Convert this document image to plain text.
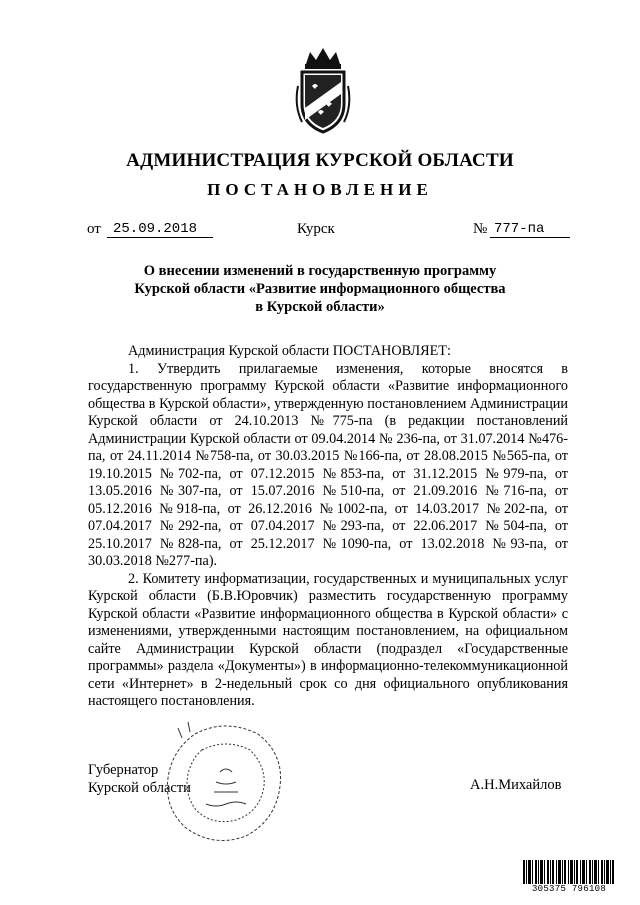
АДМИНИСТРАЦИЯ КУРСКОЙ ОБЛАСТИ
ПОСТАНОВЛЕНИЕ
от 25.09.2018	Курск	№ 777-па
О внесении изменений в государственную программу Курской области «Развитие информационного общества в Курской области»

Администрация Курской области ПОСТАНОВЛЯЕТ:

1. Утвердить прилагаемые изменения, которые вносятся в государственную программу Курской области «Развитие информационного общества в Курской области», утвержденную постановлением Администрации Курской области от 24.10.2013 №775-па (в редакции постановлений Администрации Курской области от 09.04.2014 № 236-па, от 31.07.2014 №476-па, от 24.11.2014 №758-па, от 30.03.2015 №166-па, от 28.08.2015 №565-па, от 19.10.2015 №702-па, от 07.12.2015 №853-па, от 31.12.2015 №979-па, от 13.05.2016 №307-па, от 15.07.2016 №510-па, от 21.09.2016 №716-па, от 05.12.2016 №918-па, от 26.12.2016 №1002-па, от 14.03.2017 №202-па, от 07.04.2017 №292-па, от 07.04.2017 №293-па, от 22.06.2017 №504-па, от 25.10.2017 №828-па, от 25.12.2017 №1090-па, от 13.02.2018 №93-па, от 30.03.2018 №277-па).

2. Комитету информатизации, государственных и муниципальных услуг Курской области (Б.В.Юровчик) разместить государственную программу Курской области «Развитие информационного общества в Курской области» с изменениями, утвержденными настоящим постановлением, на официальном сайте Администрации Курской области (подраздел «Государственные программы» раздела «Документы») в информационно-телекоммуникационной сети «Интернет» в 2-недельный срок со дня официального опубликования настоящего постановления.

Губернатор
Курской области	А.Н.Михайлов
305375 796108
